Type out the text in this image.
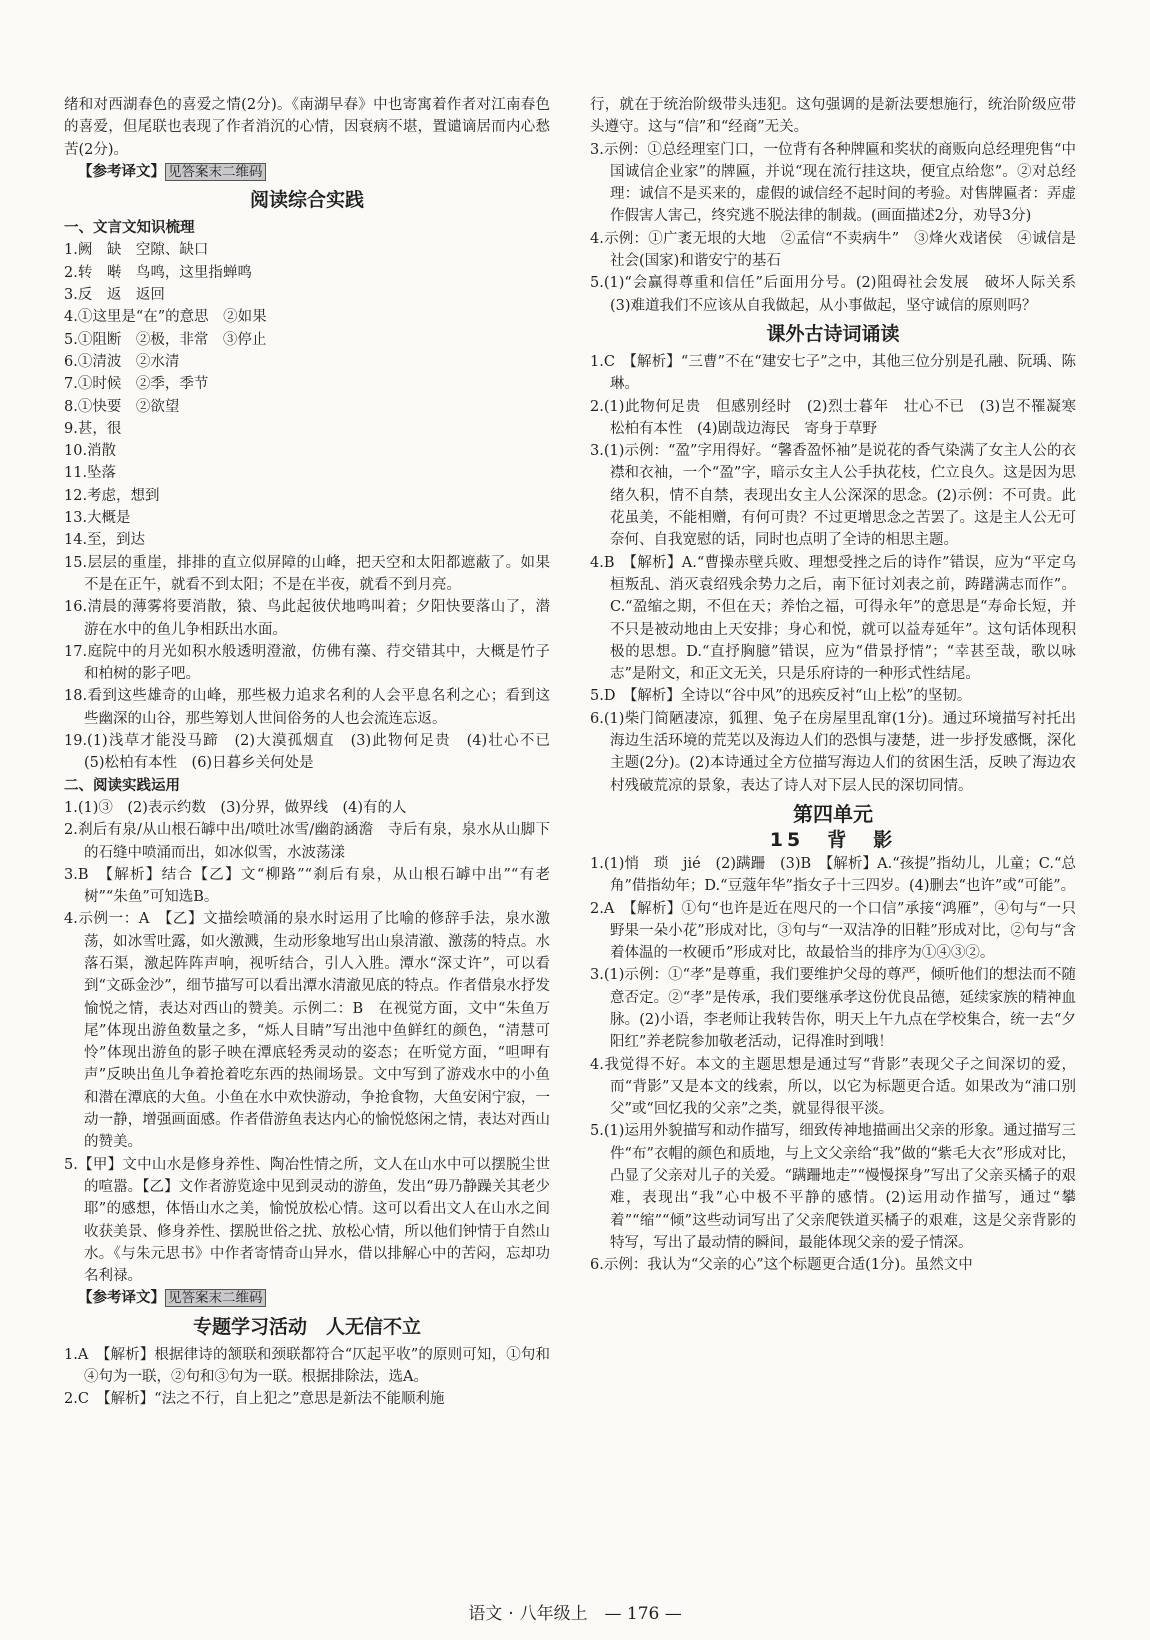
绪和对西湖春色的喜爱之情(2分)。《南湖早春》中也寄寓着作者对江南春色的喜爱，但尾联也表现了作者消沉的心情，因衰病不堪，置谴谪居而内心愁苦(2分)。
【参考译文】 见答案末二维码
阅读综合实践
一、文言文知识梳理
1.阙　缺　空隙、缺口
2.转　啭　鸟鸣，这里指蝉鸣
3.反　返　返回
4.①这里是“在”的意思　②如果
5.①阻断　②极，非常　③停止
6.①清波　②水清
7.①时候　②季，季节
8.①快要　②欲望
9.甚，很
10.消散
11.坠落
12.考虑，想到
13.大概是
14.至，到达
15.层层的重崖，排排的直立似屏障的山峰，把天空和太阳都遮蔽了。如果不是在正午，就看不到太阳；不是在半夜，就看不到月亮。
16.清晨的薄雾将要消散，猿、鸟此起彼伏地鸣叫着；夕阳快要落山了，潜游在水中的鱼儿争相跃出水面。
17.庭院中的月光如积水般透明澄澈，仿佛有藻、荇交错其中，大概是竹子和柏树的影子吧。
18.看到这些雄奇的山峰，那些极力追求名利的人会平息名利之心；看到这些幽深的山谷，那些筹划人世间俗务的人也会流连忘返。
19.(1)浅草才能没马蹄　(2)大漠孤烟直　(3)此物何足贵　(4)壮心不已　(5)松柏有本性　(6)日暮乡关何处是
二、阅读实践运用
1.(1)③　(2)表示约数　(3)分界，做界线　(4)有的人
2.刹后有泉/从山根石罅中出/喷吐冰雪/幽韵涵澹　寺后有泉，泉水从山脚下的石缝中喷涌而出，如冰似雪，水波荡漾
3.B　【解析】结合【乙】文“柳路”“刹后有泉，从山根石罅中出”“有老树”“朱鱼”可知选B。
4.示例一：A　【乙】文描绘喷涌的泉水时运用了比喻的修辞手法，泉水激荡，如冰雪吐露，如火激溅，生动形象地写出山泉清澈、激荡的特点。水落石渠，激起阵阵声响，视听结合，引人入胜。潭水“深丈许”，可以看到“文砾金沙”，细节描写可以看出潭水清澈见底的特点。作者借泉水抒发愉悦之情，表达对西山的赞美。示例二：B　在视觉方面，文中“朱鱼万尾”体现出游鱼数量之多，“烁人目睛”写出池中鱼鲜红的颜色，“清慧可怜”体现出游鱼的影子映在潭底轻秀灵动的姿态；在听觉方面，“呾呷有声”反映出鱼儿争着抢着吃东西的热闹场景。文中写到了游戏水中的小鱼和潜在潭底的大鱼。小鱼在水中欢快游动，争抢食物，大鱼安闲宁寂，一动一静，增强画面感。作者借游鱼表达内心的愉悦悠闲之情，表达对西山的赞美。
5.【甲】文中山水是修身养性、陶冶性情之所，文人在山水中可以摆脱尘世的喧嚣。【乙】文作者游览途中见到灵动的游鱼，发出“毋乃静躁关其老少耶”的感想，体悟山水之美，愉悦放松心情。这可以看出文人在山水之间收获美景、修身养性、摆脱世俗之扰、放松心情，所以他们钟情于自然山水。《与朱元思书》中作者寄情奇山异水，借以排解心中的苦闷，忘却功名利禄。
【参考译文】 见答案末二维码
专题学习活动　人无信不立
1.A　【解析】根据律诗的颔联和颈联都符合“仄起平收”的原则可知，①句和④句为一联，②句和③句为一联。根据排除法，选A。
2.C　【解析】“法之不行，自上犯之”意思是新法不能顺利施
行，就在于统治阶级带头违犯。这句强调的是新法要想施行，统治阶级应带头遵守。这与“信”和“经商”无关。
3.示例：①总经理室门口，一位背有各种牌匾和奖状的商贩向总经理兜售“中国诚信企业家”的牌匾，并说“现在流行挂这块，便宜点给您”。②对总经理：诚信不是买来的，虚假的诚信经不起时间的考验。对售牌匾者：弄虚作假害人害己，终究逃不脱法律的制裁。(画面描述2分，劝导3分)
4.示例：①广袤无垠的大地　②孟信“不卖病牛”　③烽火戏诸侯　④诚信是社会(国家)和谐安宁的基石
5.(1)“会赢得尊重和信任”后面用分号。(2)阻碍社会发展　破坏人际关系　(3)难道我们不应该从自我做起，从小事做起，坚守诚信的原则吗？
课外古诗词诵读
1.C　【解析】“三曹”不在“建安七子”之中，其他三位分别是孔融、阮瑀、陈琳。
2.(1)此物何足贵　但感别经时　(2)烈士暮年　壮心不已　(3)岂不罹凝寒　松柏有本性　(4)剧哉边海民　寄身于草野
3.(1)示例：“盈”字用得好。“馨香盈怀袖”是说花的香气染满了女主人公的衣襟和衣袖，一个“盈”字，暗示女主人公手执花枝，伫立良久。这是因为思绪久积，情不自禁，表现出女主人公深深的思念。(2)示例：不可贵。此花虽美，不能相赠，有何可贵？不过更增思念之苦罢了。这是主人公无可奈何、自我宽慰的话，同时也点明了全诗的相思主题。
4.B　【解析】A.“曹操赤壁兵败、理想受挫之后的诗作”错误，应为“平定乌桓叛乱、消灭袁绍残余势力之后，南下征讨刘表之前，踌躇满志而作”。C.“盈缩之期，不但在天；养怡之福，可得永年”的意思是“寿命长短，并不只是被动地由上天安排；身心和悦，就可以益寿延年”。这句话体现积极的思想。D.“直抒胸臆”错误，应为“借景抒情”；“幸甚至哉，歌以咏志”是附文，和正文无关，只是乐府诗的一种形式性结尾。
5.D　【解析】全诗以“谷中风”的迅疾反衬“山上松”的坚韧。
6.(1)柴门简陋凄凉，狐狸、兔子在房屋里乱窜(1分)。通过环境描写衬托出海边生活环境的荒芜以及海边人们的恐惧与凄楚，进一步抒发感慨，深化主题(2分)。(2)本诗通过全方位描写海边人们的贫困生活，反映了海边农村残破荒凉的景象，表达了诗人对下层人民的深切同情。
第四单元
15　背　影
1.(1)悄　琐　jié　(2)蹒跚　(3)B　【解析】A.“孩提”指幼儿，儿童；C.“总角”借指幼年；D.“豆蔻年华”指女子十三四岁。(4)删去“也许”或“可能”。
2.A　【解析】①句“也许是近在咫尺的一个口信”承接“鸿雁”，④句与“一只野果一朵小花”形成对比，③句与“一双洁净的旧鞋”形成对比，②句与“含着体温的一枚硬币”形成对比，故最恰当的排序为①④③②。
3.(1)示例：①“孝”是尊重，我们要维护父母的尊严，倾听他们的想法而不随意否定。②“孝”是传承，我们要继承孝这份优良品德，延续家族的精神血脉。(2)小语，李老师让我转告你，明天上午九点在学校集合，统一去“夕阳红”养老院参加敬老活动，记得准时到哦！
4.我觉得不好。本文的主题思想是通过写“背影”表现父子之间深切的爱，而“背影”又是本文的线索，所以，以它为标题更合适。如果改为“浦口别父”或“回忆我的父亲”之类，就显得很平淡。
5.(1)运用外貌描写和动作描写，细致传神地描画出父亲的形象。通过描写三件“布”衣帽的颜色和质地，与上文父亲给“我”做的“紫毛大衣”形成对比，凸显了父亲对儿子的关爱。“蹒跚地走”“慢慢探身”写出了父亲买橘子的艰难，表现出“我”心中极不平静的感情。(2)运用动作描写，通过“攀着”“缩”“倾”这些动词写出了父亲爬铁道买橘子的艰难，这是父亲背影的特写，写出了最动情的瞬间，最能体现父亲的爱子情深。
6.示例：我认为“父亲的心”这个标题更合适(1分)。虽然文中
语文 · 八年级上 — 176 —
